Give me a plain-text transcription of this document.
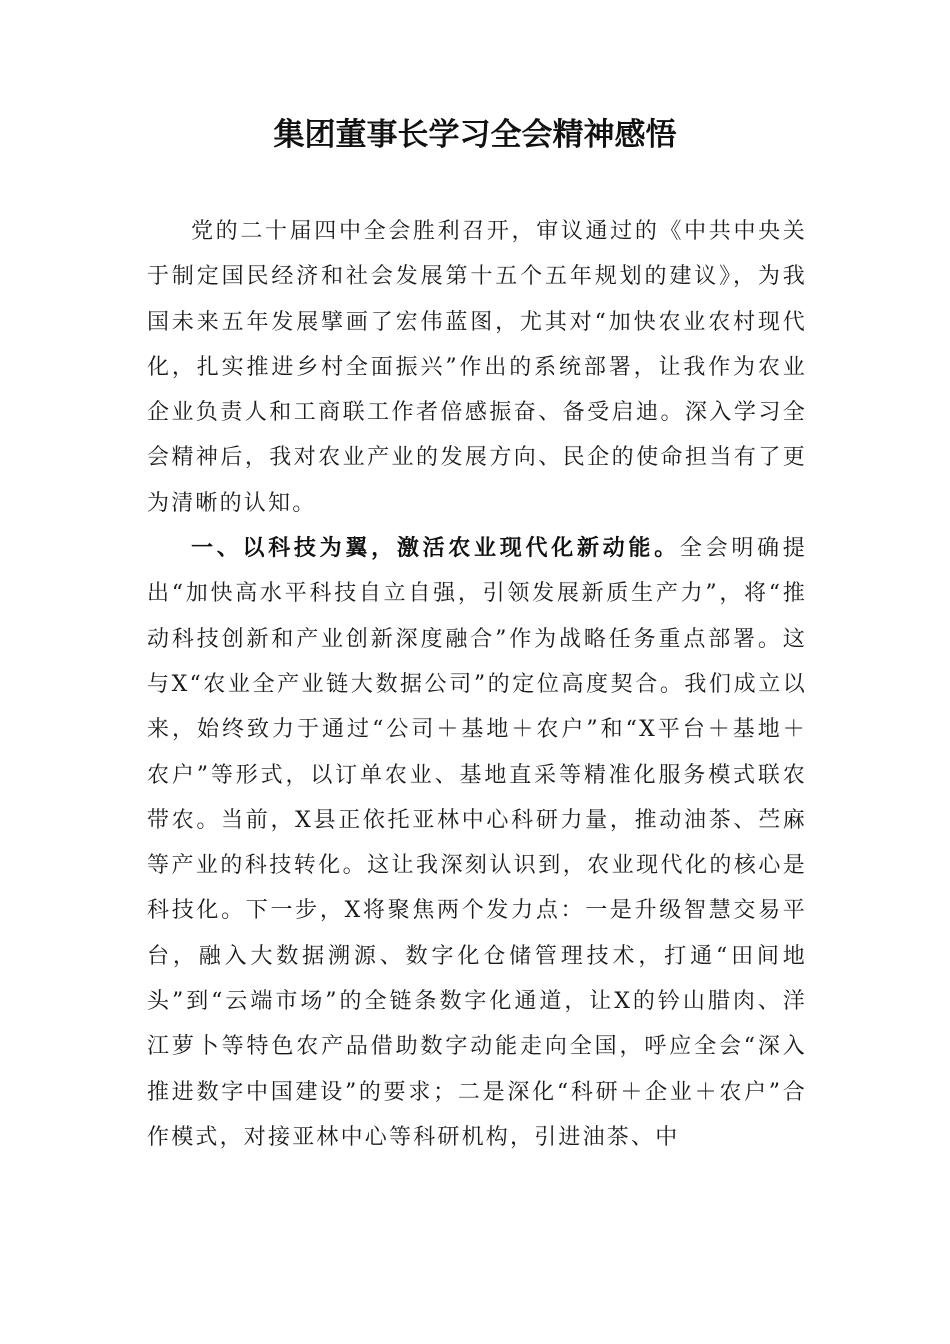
集团董事长学习全会精神感悟

党的二十届四中全会胜利召开，审议通过的《中共中央关于制定国民经济和社会发展第十五个五年规划的建议》，为我国未来五年发展擘画了宏伟蓝图，尤其对“加快农业农村现代化，扎实推进乡村全面振兴”作出的系统部署，让我作为农业企业负责人和工商联工作者倍感振奋、备受启迪。深入学习全会精神后，我对农业产业的发展方向、民企的使命担当有了更为清晰的认知。

一、以科技为翼，激活农业现代化新动能。全会明确提出“加快高水平科技自立自强，引领发展新质生产力”，将“推动科技创新和产业创新深度融合”作为战略任务重点部署。这与X“农业全产业链大数据公司”的定位高度契合。我们成立以来，始终致力于通过“公司＋基地＋农户”和“X平台＋基地＋农户”等形式，以订单农业、基地直采等精准化服务模式联农带农。当前，X县正依托亚林中心科研力量，推动油茶、苎麻等产业的科技转化。这让我深刻认识到，农业现代化的核心是科技化。下一步，X将聚焦两个发力点：一是升级智慧交易平台，融入大数据溯源、数字化仓储管理技术，打通“田间地头”到“云端市场”的全链条数字化通道，让X的钤山腊肉、洋江萝卜等特色农产品借助数字动能走向全国，呼应全会“深入推进数字中国建设”的要求；二是深化“科研＋企业＋农户”合作模式，对接亚林中心等科研机构，引进油茶、中
